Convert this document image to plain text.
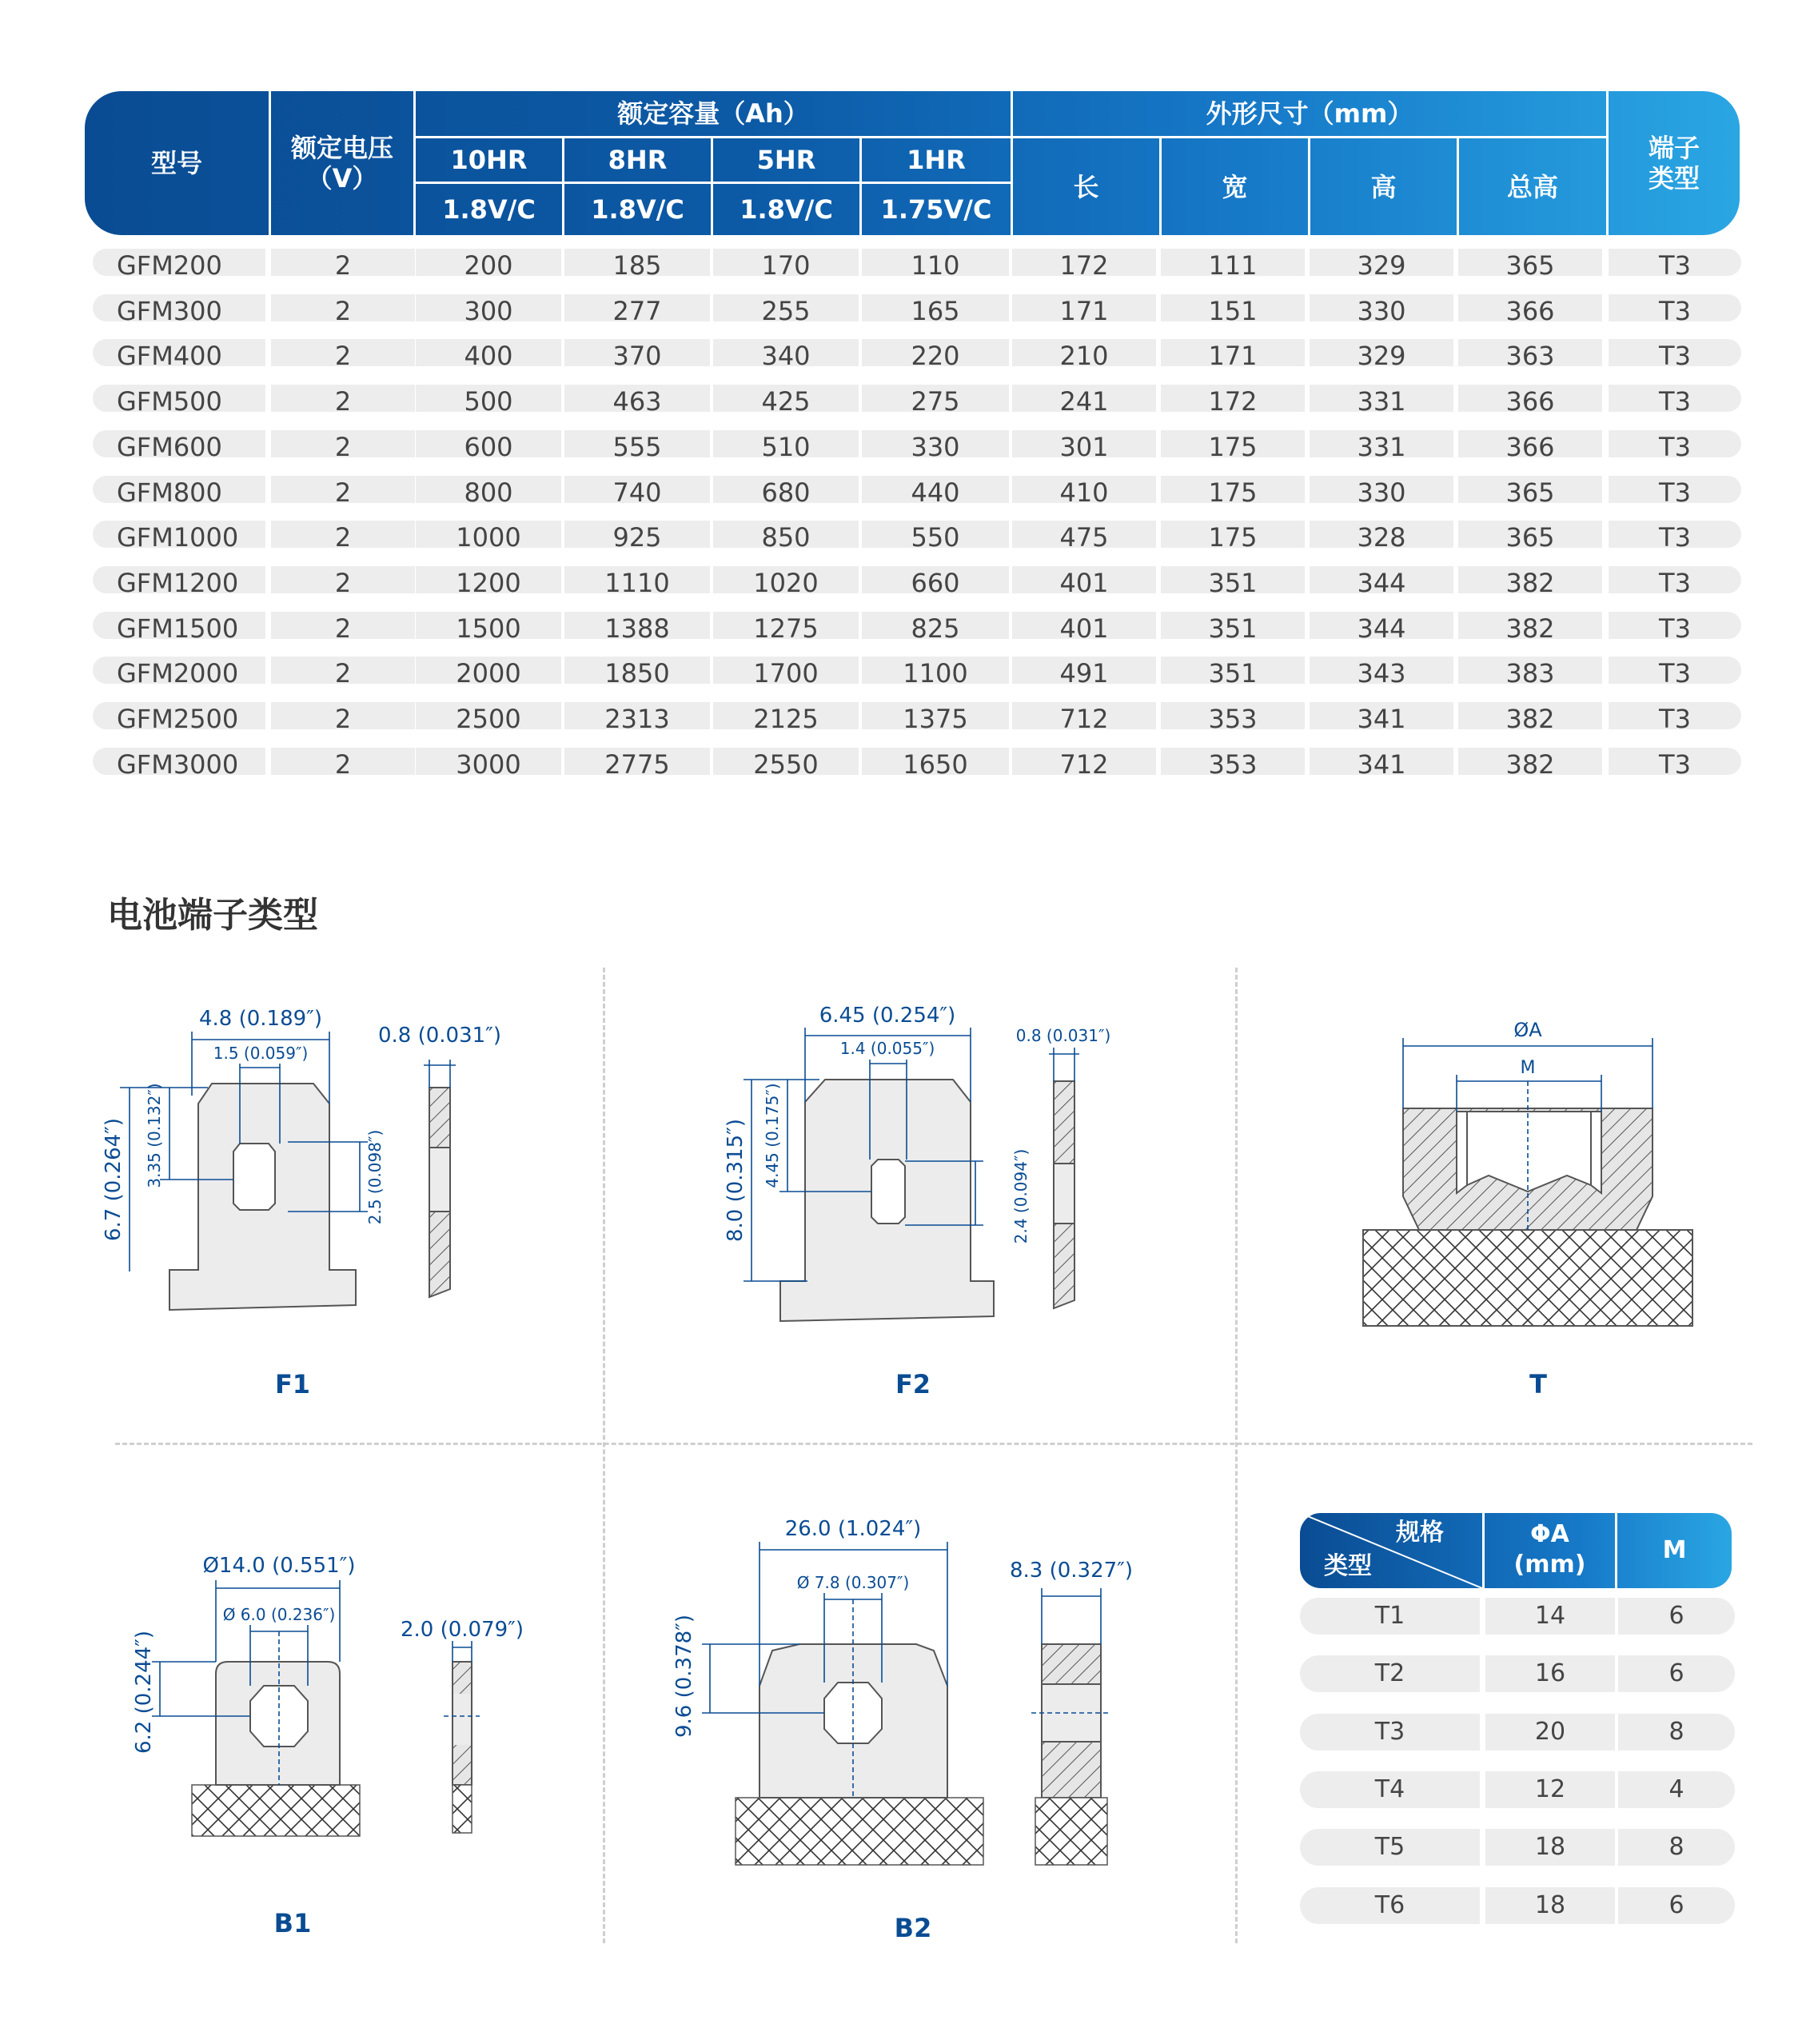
型号	额定电压
（V）
额定容量（Ah）	外形尺寸（mm）
端子
类型
10HR	8HR	5HR	1HR
1.8V/C	1.8V/C	1.8V/C	1.75V/C
长	宽	高	总高
GFM200	2	200	185	170	110	172	111	329	365	T3
GFM300	2	300	277	255	165	171	151	330	366	T3
GFM400	2	400	370	340	220	210	171	329	363	T3
GFM500	2	500	463	425	275	241	172	331	366	T3
GFM600	2	600	555	510	330	301	175	331	366	T3
GFM800	2	800	740	680	440	410	175	330	365	T3
GFM1000	2	1000	925	850	550	475	175	328	365	T3
GFM1200	2	1200	1110	1020	660	401	351	344	382	T3
GFM1500	2	1500	1388	1275	825	401	351	344	382	T3
GFM2000	2	2000	1850	1700	1100	491	351	343	383	T3
GFM2500	2	2500	2313	2125	1375	712	353	341	382	T3
GFM3000	2	3000	2775	2550	1650	712	353	341	382	T3
电池端子类型
4.8 (0.189″)
1.5 (0.059″)
0.8 (0.031″)
6.7 (0.264″) 3.35 (0.132″)	2.5 (0.098″)
6.45 (0.254″)
1.4 (0.055″)
0.8 (0.031″)
8.0 (0.315″) 4.45 (0.175″)
2.4 (0.094″)
ØA
M
Ø14.0 (0.551″)
Ø 6.0 (0.236″)
2.0 (0.079″)
6.2 (0.244″)
26.0 (1.024″)
Ø 7.8 (0.307″)	8.3 (0.327″)
9.6 (0.378″)
F1	F2	T
B1	B2
规格
类型
ΦA
(mm)
M
T1	14	6
T2	16	6
T3	20	8
T4	12	4
T5	18	8
T6	18	6
